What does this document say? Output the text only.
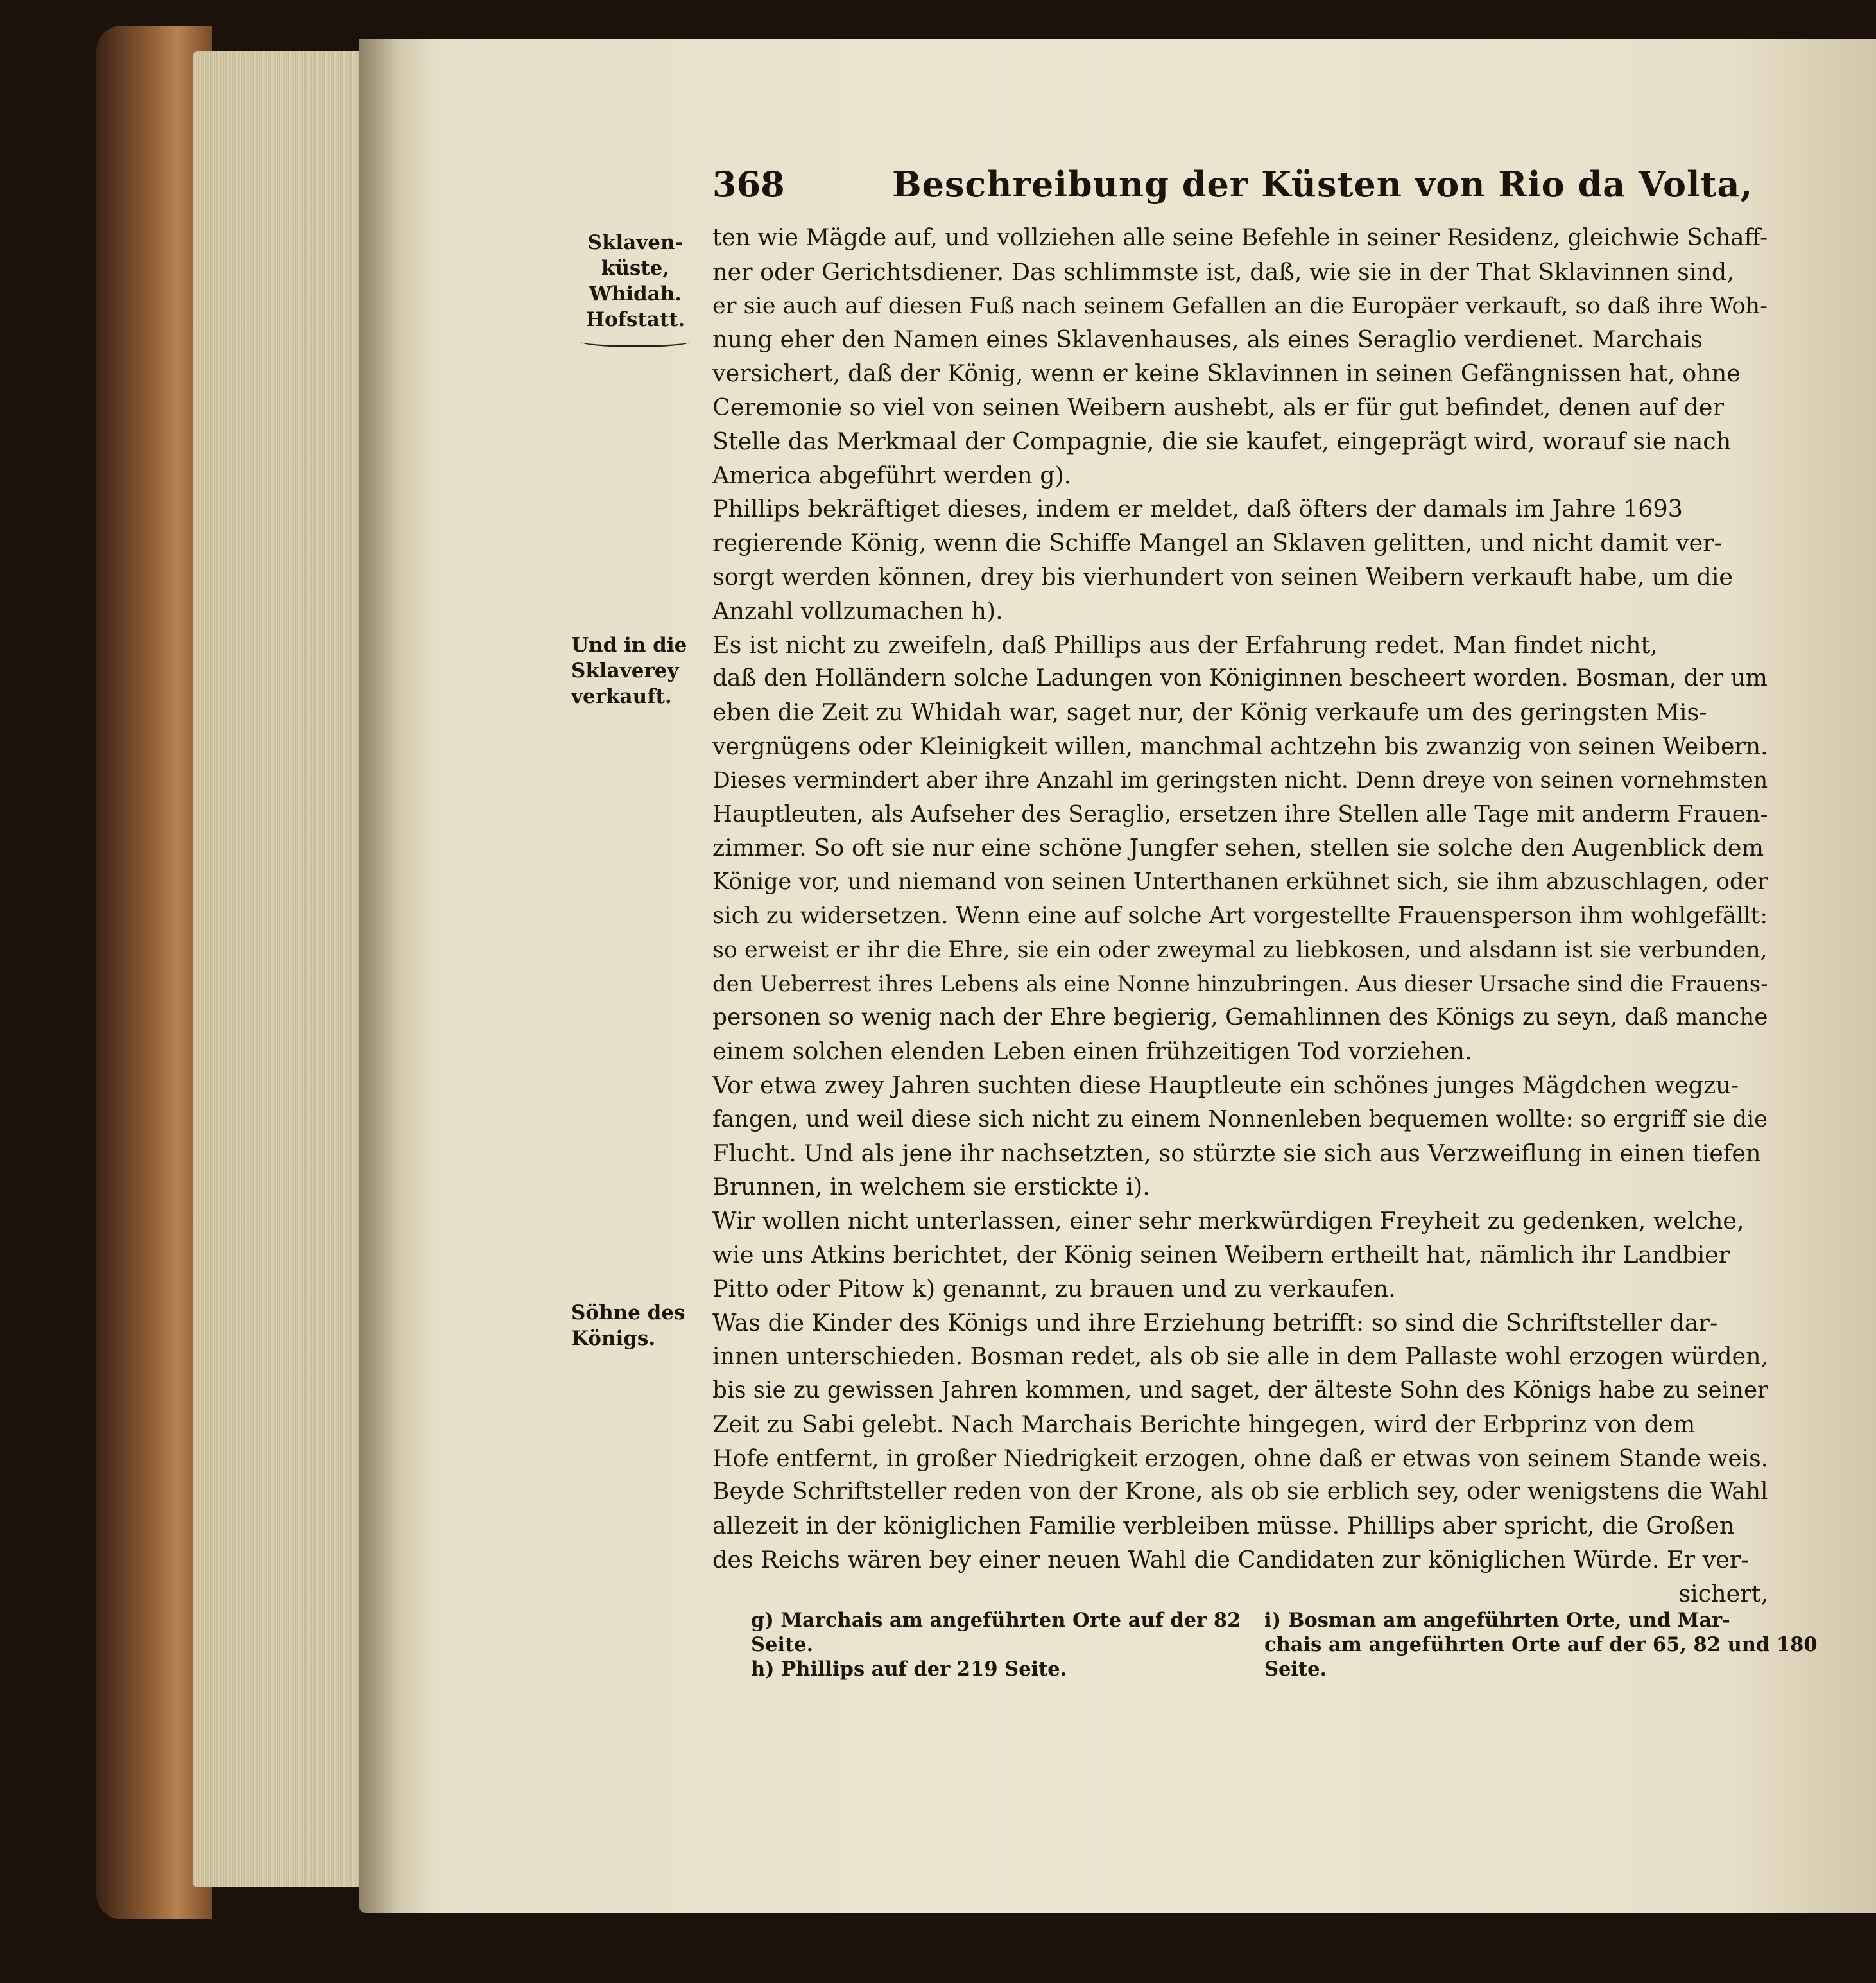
368	Beschreibung der Küsten von Rio da Volta,
Sklaven-
küste,
Whidah.
Hofstatt.
Und in die
Sklaverey
verkauft.
Söhne des
Königs.
ten wie Mägde auf, und vollziehen alle seine Befehle in seiner Residenz, gleichwie Schaff-
ner oder Gerichtsdiener. Das schlimmste ist, daß, wie sie in der That Sklavinnen sind,
er sie auch auf diesen Fuß nach seinem Gefallen an die Europäer verkauft, so daß ihre Woh-
nung eher den Namen eines Sklavenhauses, als eines Seraglio verdienet. Marchais
versichert, daß der König, wenn er keine Sklavinnen in seinen Gefängnissen hat, ohne
Ceremonie so viel von seinen Weibern aushebt, als er für gut befindet, denen auf der
Stelle das Merkmaal der Compagnie, die sie kaufet, eingeprägt wird, worauf sie nach
America abgeführt werden g).
Phillips bekräftiget dieses, indem er meldet, daß öfters der damals im Jahre 1693
regierende König, wenn die Schiffe Mangel an Sklaven gelitten, und nicht damit ver-
sorgt werden können, drey bis vierhundert von seinen Weibern verkauft habe, um die
Anzahl vollzumachen h).
Es ist nicht zu zweifeln, daß Phillips aus der Erfahrung redet. Man findet nicht,
daß den Holländern solche Ladungen von Königinnen bescheert worden. Bosman, der um
eben die Zeit zu Whidah war, saget nur, der König verkaufe um des geringsten Mis-
vergnügens oder Kleinigkeit willen, manchmal achtzehn bis zwanzig von seinen Weibern.
Dieses vermindert aber ihre Anzahl im geringsten nicht. Denn dreye von seinen vornehmsten
Hauptleuten, als Aufseher des Seraglio, ersetzen ihre Stellen alle Tage mit anderm Frauen-
zimmer. So oft sie nur eine schöne Jungfer sehen, stellen sie solche den Augenblick dem
Könige vor, und niemand von seinen Unterthanen erkühnet sich, sie ihm abzuschlagen, oder
sich zu widersetzen. Wenn eine auf solche Art vorgestellte Frauensperson ihm wohlgefällt:
so erweist er ihr die Ehre, sie ein oder zweymal zu liebkosen, und alsdann ist sie verbunden,
den Ueberrest ihres Lebens als eine Nonne hinzubringen. Aus dieser Ursache sind die Frauens-
personen so wenig nach der Ehre begierig, Gemahlinnen des Königs zu seyn, daß manche
einem solchen elenden Leben einen frühzeitigen Tod vorziehen.
Vor etwa zwey Jahren suchten diese Hauptleute ein schönes junges Mägdchen wegzu-
fangen, und weil diese sich nicht zu einem Nonnenleben bequemen wollte: so ergriff sie die
Flucht. Und als jene ihr nachsetzten, so stürzte sie sich aus Verzweiflung in einen tiefen
Brunnen, in welchem sie erstickte i).
Wir wollen nicht unterlassen, einer sehr merkwürdigen Freyheit zu gedenken, welche,
wie uns Atkins berichtet, der König seinen Weibern ertheilt hat, nämlich ihr Landbier
Pitto oder Pitow k) genannt, zu brauen und zu verkaufen.
Was die Kinder des Königs und ihre Erziehung betrifft: so sind die Schriftsteller dar-
innen unterschieden. Bosman redet, als ob sie alle in dem Pallaste wohl erzogen würden,
bis sie zu gewissen Jahren kommen, und saget, der älteste Sohn des Königs habe zu seiner
Zeit zu Sabi gelebt. Nach Marchais Berichte hingegen, wird der Erbprinz von dem
Hofe entfernt, in großer Niedrigkeit erzogen, ohne daß er etwas von seinem Stande weis.
Beyde Schriftsteller reden von der Krone, als ob sie erblich sey, oder wenigstens die Wahl
allezeit in der königlichen Familie verbleiben müsse. Phillips aber spricht, die Großen
des Reichs wären bey einer neuen Wahl die Candidaten zur königlichen Würde. Er ver-
sichert,
g) Marchais am angeführten Orte auf der 82
Seite.
h) Phillips auf der 219 Seite.
i) Bosman am angeführten Orte, und Mar-
chais am angeführten Orte auf der 65, 82 und 180
Seite.
